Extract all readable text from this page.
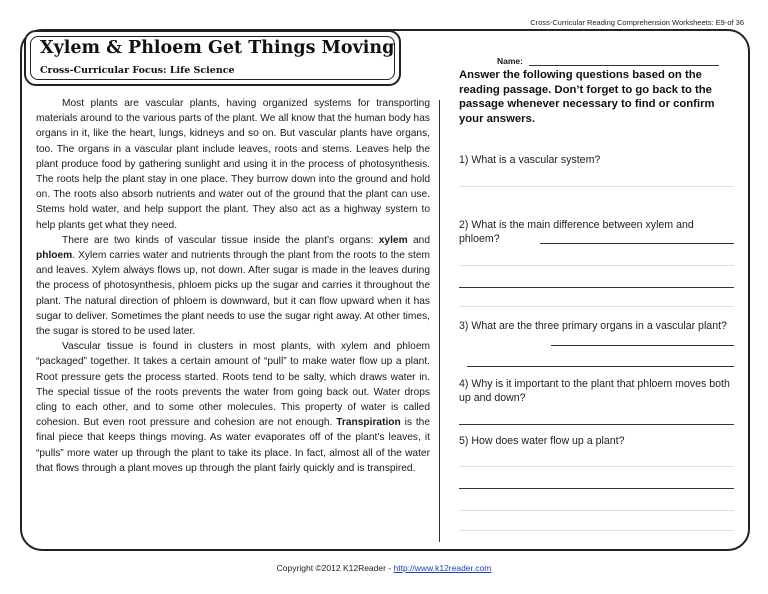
Cross-Curricular Reading Comprehension Worksheets: E9-of 36
Xylem & Phloem Get Things Moving
Cross-Curricular Focus: Life Science

Most plants are vascular plants, having organized systems for transporting materials around to the various parts of the plant. We all know that the human body has organs in it, like the heart, lungs, kidneys and so on. But vascular plants have organs, too. The organs in a vascular plant include leaves, roots and stems. Leaves help the plant produce food by gathering sunlight and using it in the process of photosynthesis. The roots help the plant stay in one place. They burrow down into the ground and hold on. The roots also absorb nutrients and water out of the ground that the plant can use. Stems hold water, and help support the plant. They also act as a highway system to help plants get what they need.

There are two kinds of vascular tissue inside the plant’s organs: xylem and phloem. Xylem carries water and nutrients through the plant from the roots to the stem and leaves. Xylem always flows up, not down. After sugar is made in the leaves during the process of photosynthesis, phloem picks up the sugar and carries it throughout the plant. The natural direction of phloem is downward, but it can flow upward when it has sugar to deliver. Sometimes the plant needs to use the sugar right away. At other times, the sugar is stored to be used later.

Vascular tissue is found in clusters in most plants, with xylem and phloem “packaged” together. It takes a certain amount of “pull” to make water flow up a plant. Root pressure gets the process started. Roots tend to be salty, which draws water in. The special tissue of the roots prevents the water from going back out. Water drops cling to each other, and to some other molecules. This property of water is called cohesion. But even root pressure and cohesion are not enough. Transpiration is the final piece that keeps things moving. As water evaporates off of the plant’s leaves, it “pulls” more water up through the plant to take its place. In fact, almost all of the water that flows through a plant moves up through the plant fairly quickly and is transpired.

Name:
Answer the following questions based on the reading passage. Don’t forget to go back to the passage whenever necessary to find or confirm your answers.
1) What is a vascular system?
2) What is the main difference between xylem and phloem?
3) What are the three primary organs in a vascular plant?
4) Why is it important to the plant that phloem moves both up and down?
5) How does water flow up a plant?
Copyright ©2012 K12Reader - http://www.k12reader.com
